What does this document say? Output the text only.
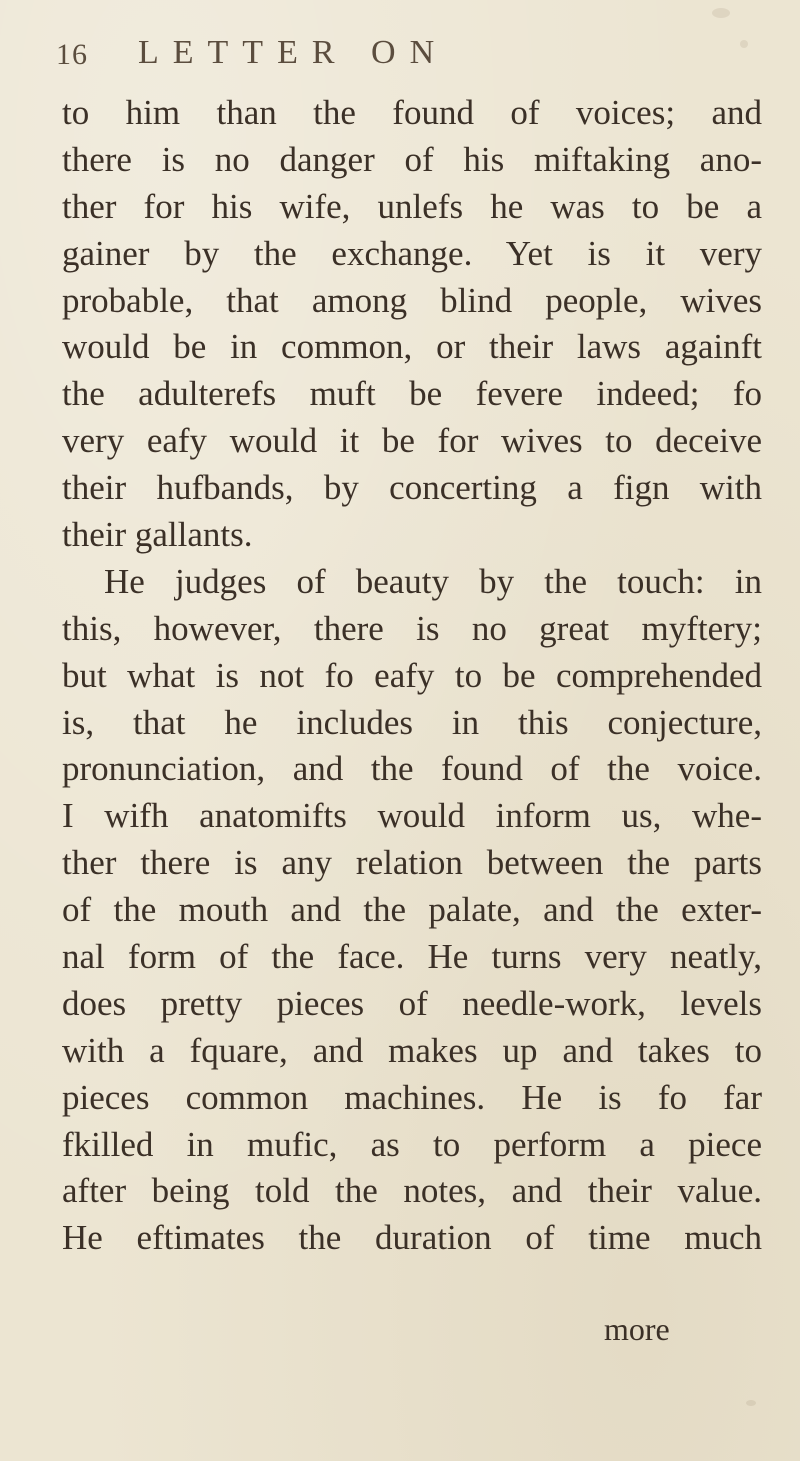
16 LETTER ON
to him than the found of voices; and
there is no danger of his miftaking ano-
ther for his wife, unlefs he was to be a
gainer by the exchange. Yet is it very
probable, that among blind people, wives
would be in common, or their laws againft
the adulterefs muft be fevere indeed; fo
very eafy would it be for wives to deceive
their hufbands, by concerting a fign with
their gallants.
He judges of beauty by the touch: in
this, however, there is no great myftery;
but what is not fo eafy to be comprehended
is, that he includes in this conjecture,
pronunciation, and the found of the voice.
I wifh anatomifts would inform us, whe-
ther there is any relation between the parts
of the mouth and the palate, and the exter-
nal form of the face. He turns very neatly,
does pretty pieces of needle-work, levels
with a fquare, and makes up and takes to
pieces common machines. He is fo far
fkilled in mufic, as to perform a piece
after being told the notes, and their value.
He eftimates the duration of time much
more
